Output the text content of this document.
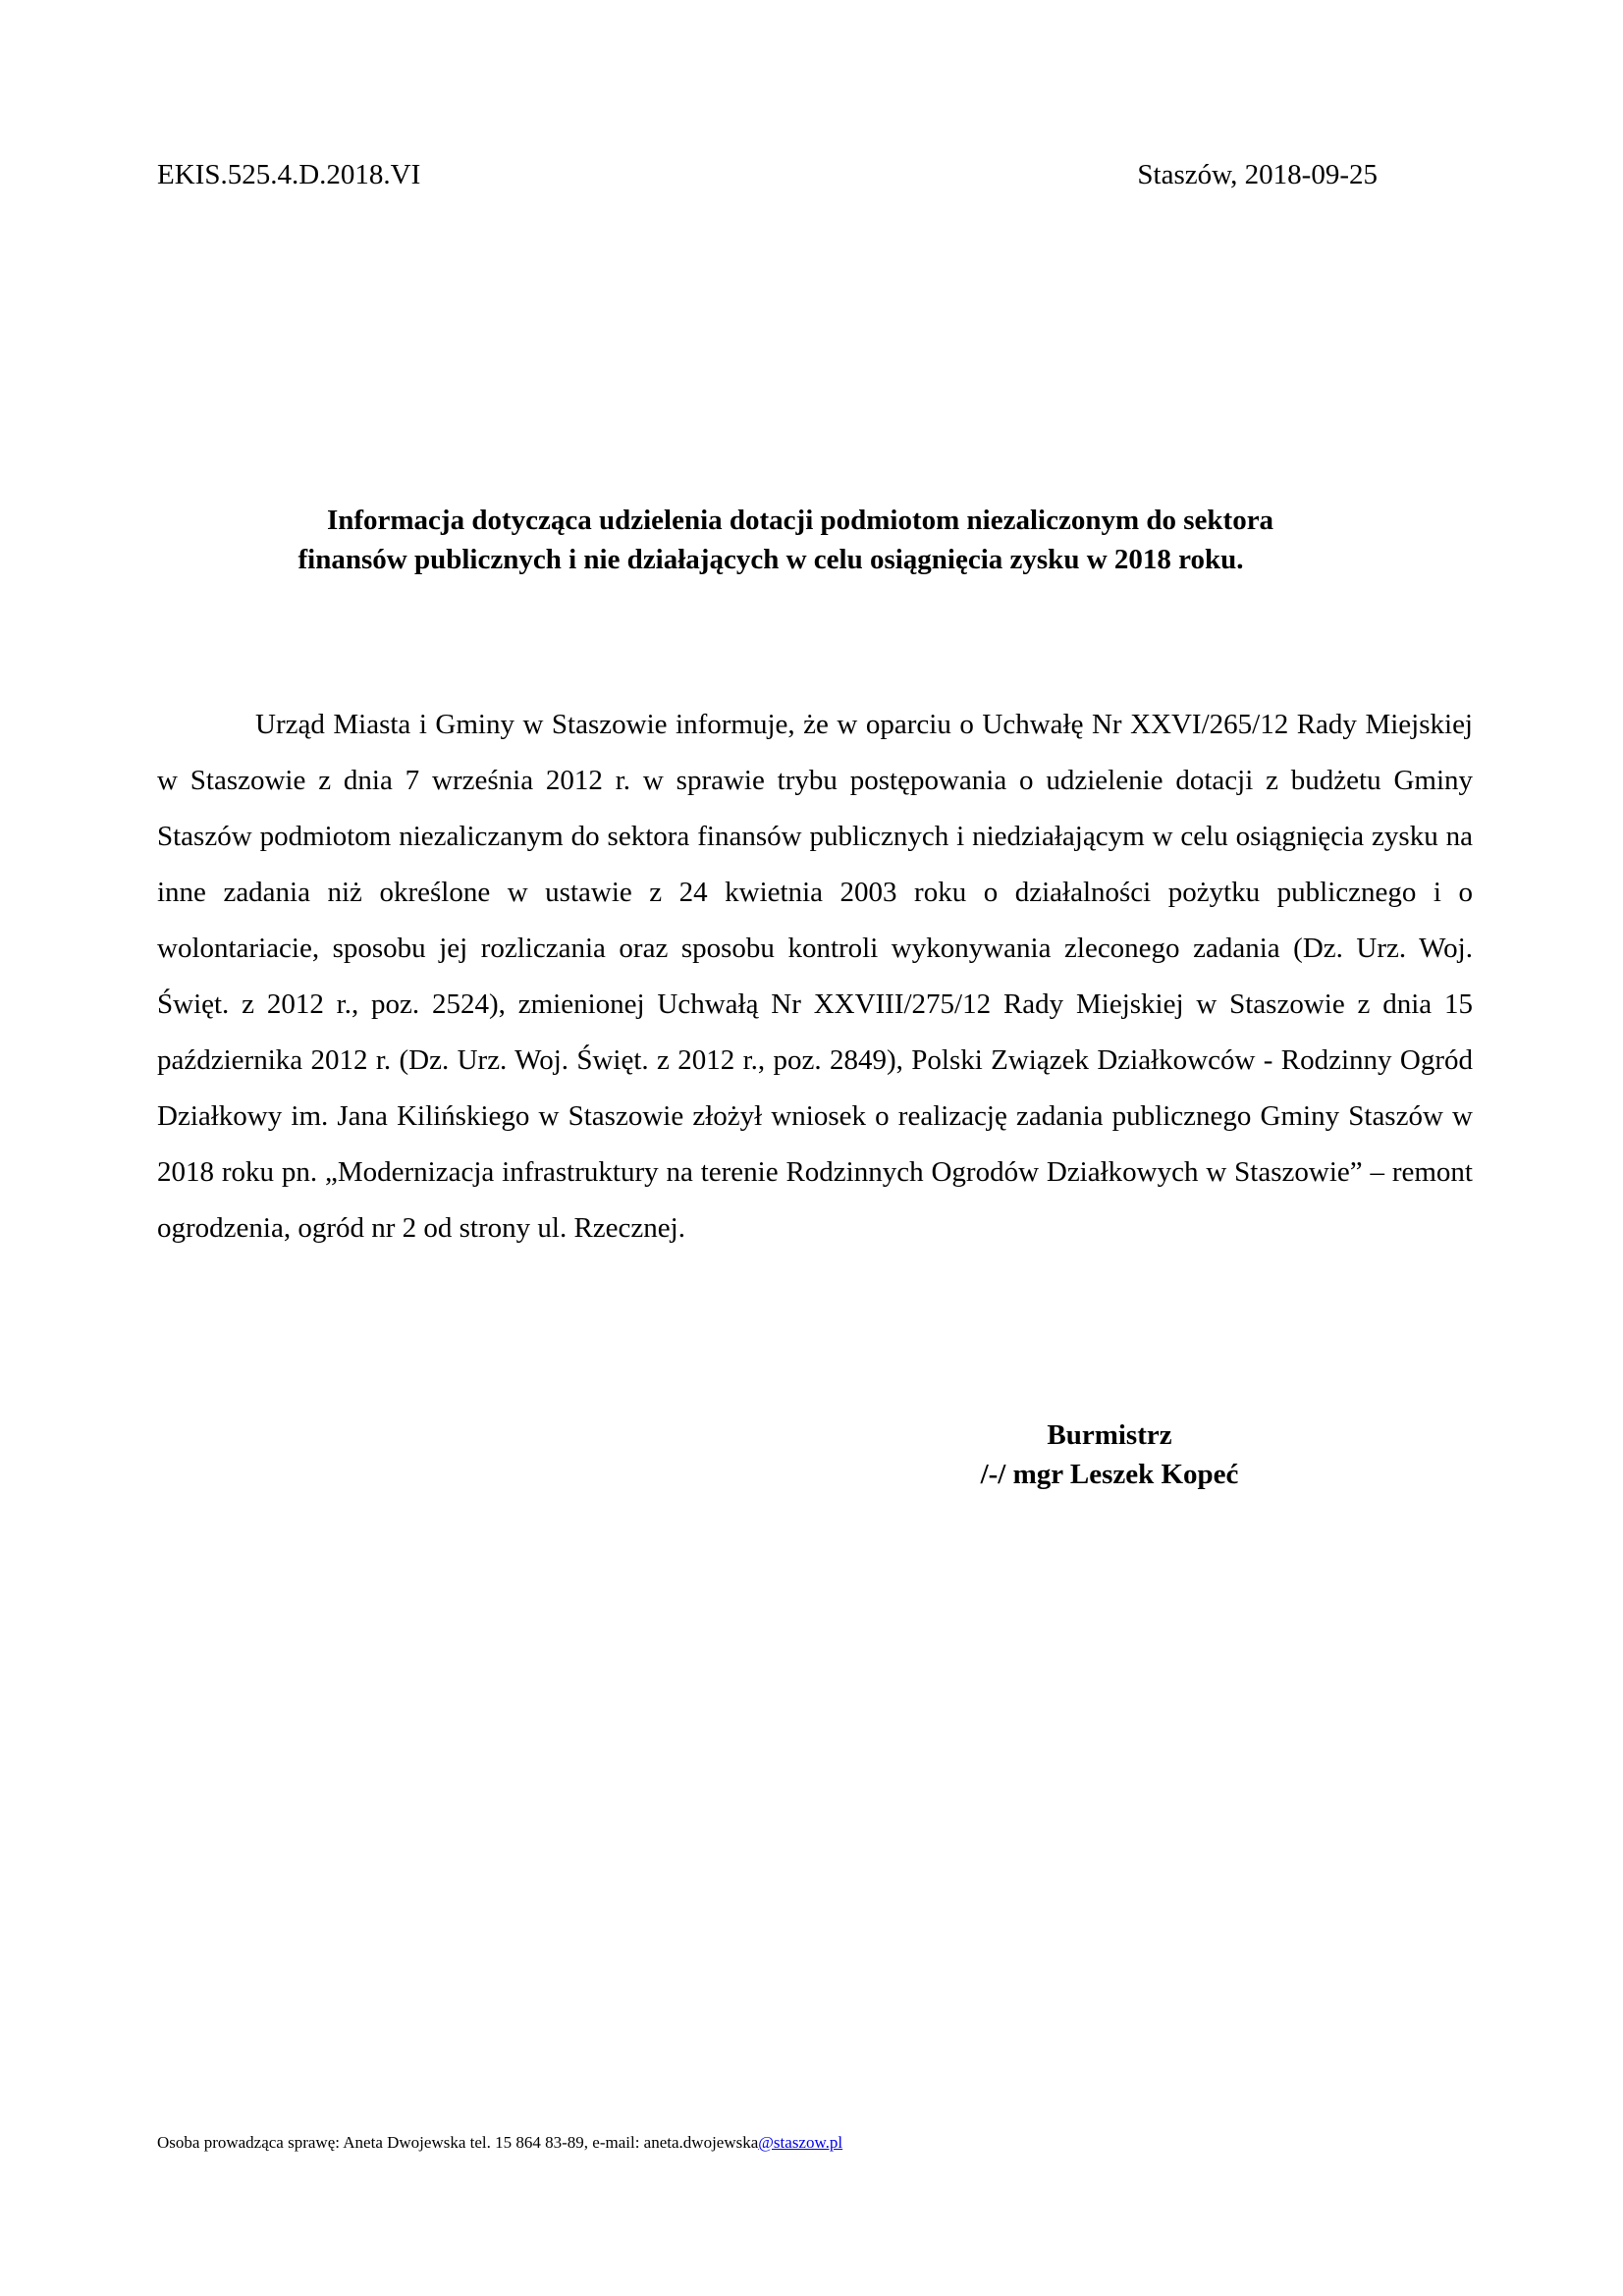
EKIS.525.4.D.2018.VI	Staszów, 2018-09-25
Informacja dotycząca udzielenia dotacji podmiotom niezaliczonym do sektora
finansów publicznych i nie działających w celu osiągnięcia zysku w 2018 roku.

Urząd Miasta i Gminy w Staszowie informuje, że w oparciu o Uchwałę Nr XXVI/265/12 Rady Miejskiej w Staszowie z dnia 7 września 2012 r. w sprawie trybu postępowania o udzielenie dotacji z budżetu Gminy Staszów podmiotom niezaliczanym do sektora finansów publicznych i niedziałającym w celu osiągnięcia zysku na inne zadania niż określone w ustawie z 24 kwietnia 2003 roku o działalności pożytku publicznego i o wolontariacie, sposobu jej rozliczania oraz sposobu kontroli wykonywania zleconego zadania (Dz. Urz. Woj. Święt. z 2012 r., poz. 2524), zmienionej Uchwałą Nr XXVIII/275/12 Rady Miejskiej w Staszowie z dnia 15 października 2012 r. (Dz. Urz. Woj. Święt. z 2012 r., poz. 2849), Polski Związek Działkowców - Rodzinny Ogród Działkowy im. Jana Kilińskiego w Staszowie złożył wniosek o realizację zadania publicznego Gminy Staszów w 2018 roku pn. „Modernizacja infrastruktury na terenie Rodzinnych Ogrodów Działkowych w Staszowie” – remont ogrodzenia, ogród nr 2 od strony ul. Rzecznej.

Burmistrz
/-/ mgr Leszek Kopeć
Osoba prowadząca sprawę: Aneta Dwojewska tel. 15 864 83-89, e-mail: aneta.dwojewska@staszow.pl
